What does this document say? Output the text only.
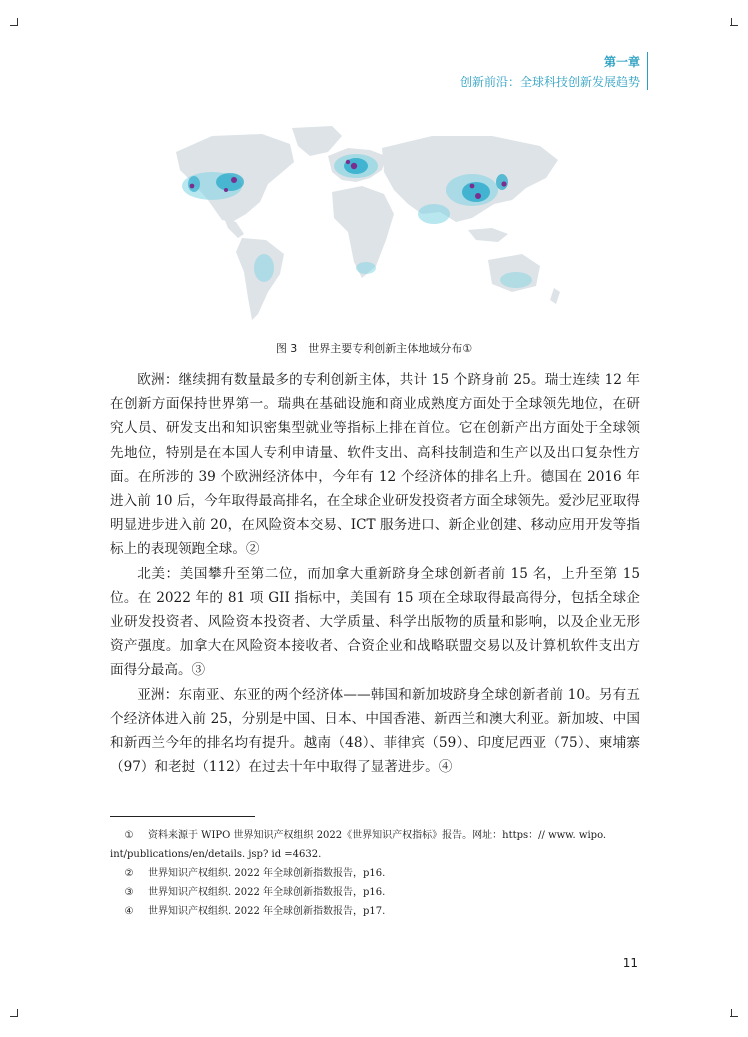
第一章
创新前沿：全球科技创新发展趋势
图 3　世界主要专利创新主体地域分布①

欧洲：继续拥有数量最多的专利创新主体，共计 15 个跻身前 25。瑞士连续 12 年在创新方面保持世界第一。瑞典在基础设施和商业成熟度方面处于全球领先地位，在研究人员、研发支出和知识密集型就业等指标上排在首位。它在创新产出方面处于全球领先地位，特别是在本国人专利申请量、软件支出、高科技制造和生产以及出口复杂性方面。在所涉的 39 个欧洲经济体中，今年有 12 个经济体的排名上升。德国在 2016 年进入前 10 后，今年取得最高排名，在全球企业研发投资者方面全球领先。爱沙尼亚取得明显进步进入前 20，在风险资本交易、ICT 服务进口、新企业创建、移动应用开发等指标上的表现领跑全球。②

北美：美国攀升至第二位，而加拿大重新跻身全球创新者前 15 名，上升至第 15 位。在 2022 年的 81 项 GII 指标中，美国有 15 项在全球取得最高得分，包括全球企业研发投资者、风险资本投资者、大学质量、科学出版物的质量和影响，以及企业无形资产强度。加拿大在风险资本接收者、合资企业和战略联盟交易以及计算机软件支出方面得分最高。③

亚洲：东南亚、东亚的两个经济体——韩国和新加坡跻身全球创新者前 10。另有五个经济体进入前 25，分别是中国、日本、中国香港、新西兰和澳大利亚。新加坡、中国和新西兰今年的排名均有提升。越南（48）、菲律宾（59）、印度尼西亚（75）、柬埔寨（97）和老挝（112）在过去十年中取得了显著进步。④

① 资料来源于 WIPO 世界知识产权组织 2022《世界知识产权指标》报告。网址：https：// www. wipo. int/publications/en/details. jsp? id =4632.
② 世界知识产权组织. 2022 年全球创新指数报告，p16.
③ 世界知识产权组织. 2022 年全球创新指数报告，p16.
④ 世界知识产权组织. 2022 年全球创新指数报告，p17.
11
